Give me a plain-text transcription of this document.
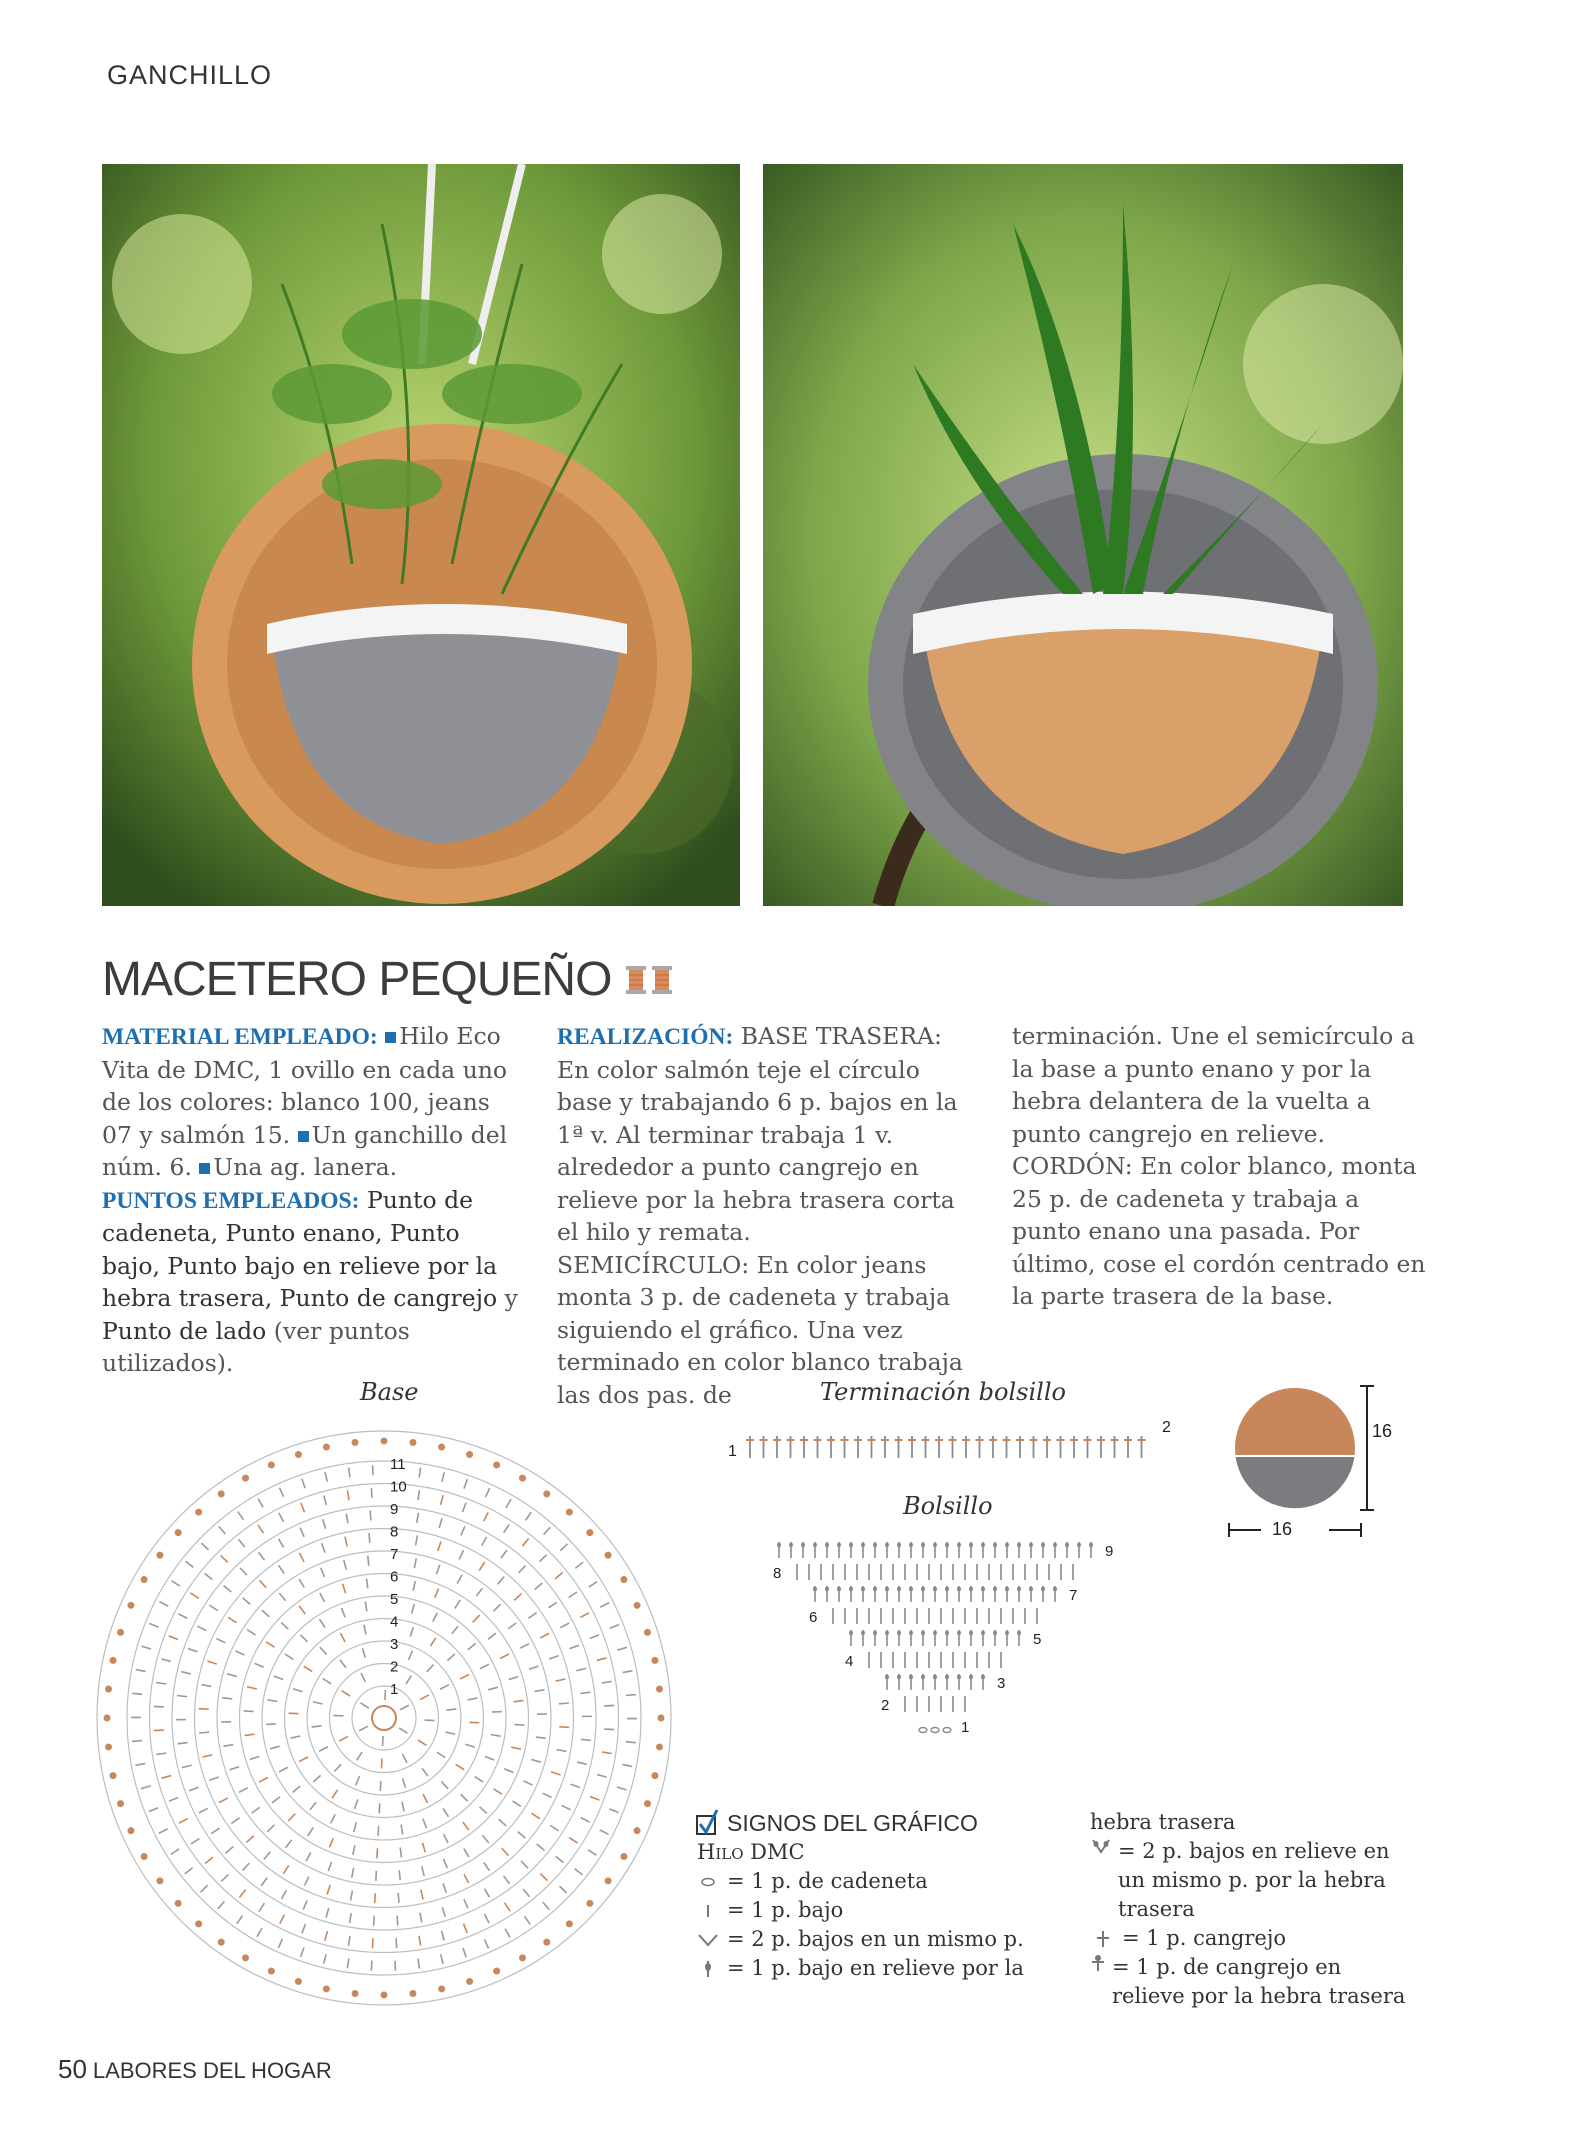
GANCHILLO
MACETERO PEQUEÑO
MATERIAL EMPLEADO: Hilo Eco Vita de DMC, 1 ovillo en cada uno de los colores: blanco 100, jeans 07 y salmón 15. Un ganchillo del núm. 6. Una ag. lanera.
PUNTOS EMPLEADOS: Punto de cadeneta, Punto enano, Punto bajo, Punto bajo en relieve por la hebra trasera, Punto de cangrejo y Punto de lado (ver puntos utilizados).
REALIZACIÓN: BASE TRASERA: En color salmón teje el círculo base y trabajando 6 p. bajos en la 1ª v. Al terminar trabaja 1 v. alrededor a punto cangrejo en relieve por la hebra trasera corta el hilo y remata.
SEMICÍRCULO: En color jeans monta 3 p. de cadeneta y trabaja siguiendo el gráfico. Una vez terminado en color blanco trabaja las dos pas. de
terminación. Une el semicírculo a la base a punto enano y por la hebra delantera de la vuelta a punto cangrejo en relieve.
CORDÓN: En color blanco, monta 25 p. de cadeneta y trabaja a punto enano una pasada. Por último, cose el cordón centrado en la parte trasera de la base.
Base
1
2
3
4
5
6
7
8
9
10
11
Terminación bolsillo
1
2	16
16
Bolsillo
1
2
3
4
5
6
7
8
9
SIGNOS DEL GRÁFICO
Hilo DMC
= 1 p. de cadeneta
= 1 p. bajo
= 2 p. bajos en un mismo p.
= 1 p. bajo en relieve por la
hebra trasera
= 2 p. bajos en relieve en un mismo p. por la hebra trasera
= 1 p. cangrejo
= 1 p. de cangrejo en relieve por la hebra trasera
50 LABORES DEL HOGAR
